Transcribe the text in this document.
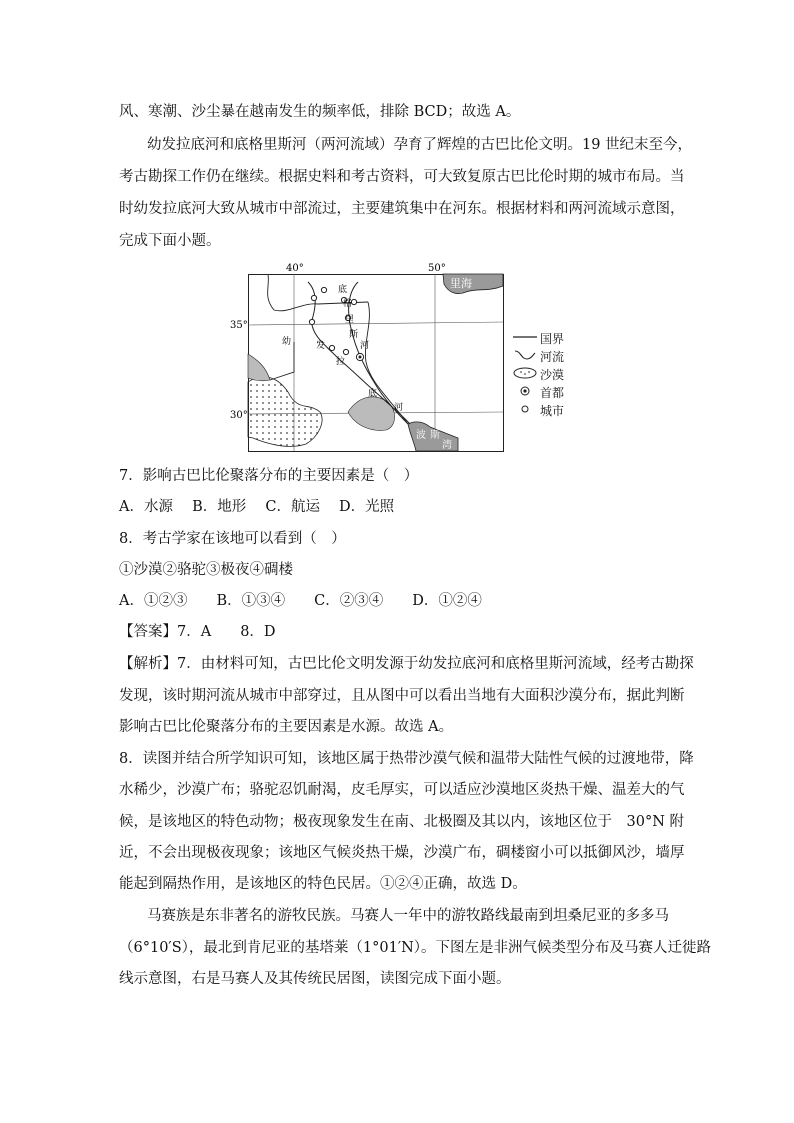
风、寒潮、沙尘暴在越南发生的频率低，排除 BCD；故选 A。
幼发拉底河和底格里斯河（两河流域）孕育了辉煌的古巴比伦文明。19 世纪末至今，
考古勘探工作仍在继续。根据史料和考古资料，可大致复原古巴比伦时期的城市布局。当
时幼发拉底河大致从城市中部流过，主要建筑集中在河东。根据材料和两河流域示意图，
完成下面小题。
40°	50°
35°
30°
里海
波 斯
湾
底
格
里
斯
河
幼	发
拉
底
河
国界
河流
沙漠
首都
城市
7．影响古巴比伦聚落分布的主要因素是（　）
A．水源　 B．地形　 C．航运　 D．光照
8．考古学家在该地可以看到（　）
①沙漠②骆驼③极夜④碉楼
A．①②③　　B．①③④　　C．②③④　　D．①②④
【答案】7．A　　8．D
【解析】7．由材料可知，古巴比伦文明发源于幼发拉底河和底格里斯河流域，经考古勘探
发现，该时期河流从城市中部穿过，且从图中可以看出当地有大面积沙漠分布，据此判断
影响古巴比伦聚落分布的主要因素是水源。故选 A。
8．读图并结合所学知识可知，该地区属于热带沙漠气候和温带大陆性气候的过渡地带，降
水稀少，沙漠广布；骆驼忍饥耐渴，皮毛厚实，可以适应沙漠地区炎热干燥、温差大的气
候，是该地区的特色动物；极夜现象发生在南、北极圈及其以内，该地区位于　30°N 附
近，不会出现极夜现象；该地区气候炎热干燥，沙漠广布，碉楼窗小可以抵御风沙，墙厚
能起到隔热作用，是该地区的特色民居。①②④正确，故选 D。
马赛族是东非著名的游牧民族。马赛人一年中的游牧路线最南到坦桑尼亚的多多马
（6°10′S），最北到肯尼亚的基塔莱（1°01′N）。下图左是非洲气候类型分布及马赛人迁徙路
线示意图，右是马赛人及其传统民居图，读图完成下面小题。
